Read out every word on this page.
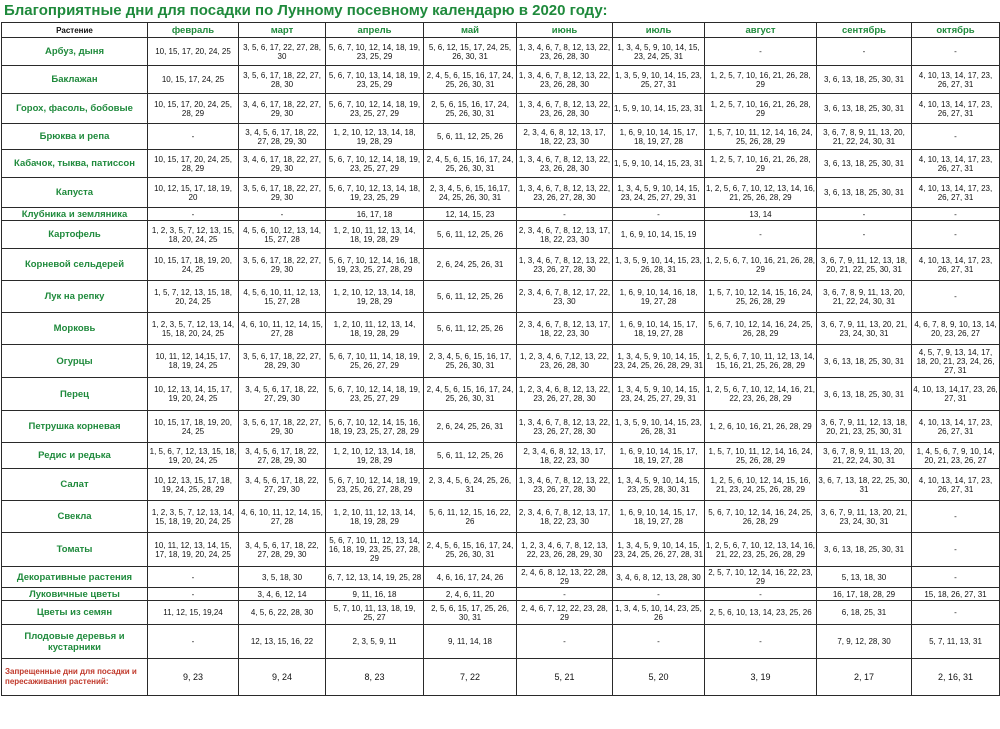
Благоприятные дни для посадки по Лунному посевному календарю в 2020 году:
Растение	февраль	март	апрель	май	июнь	июль	август	сентябрь	октябрь
Арбуз, дыня	10, 15, 17, 20, 24, 25	3, 5, 6, 17, 22, 27, 28, 30	5, 6, 7, 10, 12, 14, 18, 19, 23, 25, 29	5, 6, 12, 15, 17, 24, 25, 26, 30, 31	1, 3, 4, 6, 7, 8, 12, 13, 22, 23, 26, 28, 30	1, 3, 4, 5, 9, 10, 14, 15, 23, 24, 25, 31	-	-	-
Баклажан	10, 15, 17, 24, 25	3, 5, 6, 17, 18, 22, 27, 28, 30	5, 6, 7, 10, 13, 14, 18, 19, 23, 25, 29	2, 4, 5, 6, 15, 16, 17, 24, 25, 26, 30, 31	1, 3, 4, 6, 7, 8, 12, 13, 22, 23, 26, 28, 30	1, 3, 5, 9, 10, 14, 15, 23, 25, 27, 31	1, 2, 5, 7, 10, 16, 21, 26, 28, 29	3, 6, 13, 18, 25, 30, 31	4, 10, 13, 14, 17, 23, 26, 27, 31
Горох, фасоль, бобовые	10, 15, 17, 20, 24, 25, 28, 29	3, 4, 6, 17, 18, 22, 27, 29, 30	5, 6, 7, 10, 12, 14, 18, 19, 23, 25, 27, 29	2, 5, 6, 15, 16, 17, 24, 25, 26, 30, 31	1, 3, 4, 6, 7, 8, 12, 13, 22, 23, 26, 28, 30	1, 5, 9, 10, 14, 15, 23, 31	1, 2, 5, 7, 10, 16, 21, 26, 28, 29	3, 6, 13, 18, 25, 30, 31	4, 10, 13, 14, 17, 23, 26, 27, 31
Брюква и репа	-	3, 4, 5, 6, 17, 18, 22, 27, 28, 29, 30	1, 2, 10, 12, 13, 14, 18, 19, 28, 29	5, 6, 11, 12, 25, 26	2, 3, 4, 6, 8, 12, 13, 17, 18, 22, 23, 30	1, 6, 9, 10, 14, 15, 17, 18, 19, 27, 28	1, 5, 7, 10, 11, 12, 14, 16, 24, 25, 26, 28, 29	3, 6, 7, 8, 9, 11, 13, 20, 21, 22, 24, 30, 31	-
Кабачок, тыква, патиссон	10, 15, 17, 20, 24, 25, 28, 29	3, 4, 6, 17, 18, 22, 27, 29, 30	5, 6, 7, 10, 12, 14, 18, 19, 23, 25, 27, 29	2, 4, 5, 6, 15, 16, 17, 24, 25, 26, 30, 31	1, 3, 4, 6, 7, 8, 12, 13, 22, 23, 26, 28, 30	1, 5, 9, 10, 14, 15, 23, 31	1, 2, 5, 7, 10, 16, 21, 26, 28, 29	3, 6, 13, 18, 25, 30, 31	4, 10, 13, 14, 17, 23, 26, 27, 31
Капуста	10, 12, 15, 17, 18, 19, 20	3, 5, 6, 17, 18, 22, 27, 29, 30	5, 6, 7, 10, 12, 13, 14, 18, 19, 23, 25, 29	2, 3, 4, 5, 6, 15, 16,17, 24, 25, 26, 30, 31	1, 3, 4, 6, 7, 8, 12, 13, 22, 23, 26, 27, 28, 30	1, 3, 4, 5, 9, 10, 14, 15, 23, 24, 25, 27, 29, 31	1, 2, 5, 6, 7, 10, 12, 13, 14, 16, 21, 25, 26, 28, 29	3, 6, 13, 18, 25, 30, 31	4, 10, 13, 14, 17, 23, 26, 27, 31
Клубника и земляника	-	-	16, 17, 18	12, 14, 15, 23	-	-	13, 14	-	-
Картофель	1, 2, 3, 5, 7, 12, 13, 15, 18, 20, 24, 25	4, 5, 6, 10, 12, 13, 14, 15, 27, 28	1, 2, 10, 11, 12, 13, 14, 18, 19, 28, 29	5, 6, 11, 12, 25, 26	2, 3, 4, 6, 7, 8, 12, 13, 17, 18, 22, 23, 30	1, 6, 9, 10, 14, 15, 19	-	-	-
Корневой сельдерей	10, 15, 17, 18, 19, 20, 24, 25	3, 5, 6, 17, 18, 22, 27, 29, 30	5, 6, 7, 10, 12, 14, 16, 18, 19, 23, 25, 27, 28, 29	2, 6, 24, 25, 26, 31	1, 3, 4, 6, 7, 8, 12, 13, 22, 23, 26, 27, 28, 30	1, 3, 5, 9, 10, 14, 15, 23, 26, 28, 31	1, 2, 5, 6, 7, 10, 16, 21, 26, 28, 29	3, 6, 7, 9, 11, 12, 13, 18, 20, 21, 22, 25, 30, 31	4, 10, 13, 14, 17, 23, 26, 27, 31
Лук на репку	1, 5, 7, 12, 13, 15, 18, 20, 24, 25	4, 5, 6, 10, 11, 12, 13, 15, 27, 28	1, 2, 10, 12, 13, 14, 18, 19, 28, 29	5, 6, 11, 12, 25, 26	2, 3, 4, 6, 7, 8, 12, 17, 22, 23, 30	1, 6, 9, 10, 14, 16, 18, 19, 27, 28	1, 5, 7, 10, 12, 14, 15, 16, 24, 25, 26, 28, 29	3, 6, 7, 8, 9, 11, 13, 20, 21, 22, 24, 30, 31	-
Морковь	1, 2, 3, 5, 7, 12, 13, 14, 15, 18, 20, 24, 25	4, 6, 10, 11, 12, 14, 15, 27, 28	1, 2, 10, 11, 12, 13, 14, 18, 19, 28, 29	5, 6, 11, 12, 25, 26	2, 3, 4, 6, 7, 8, 12, 13, 17, 18, 22, 23, 30	1, 6, 9, 10, 14, 15, 17, 18, 19, 27, 28	5, 6, 7, 10, 12, 14, 16, 24, 25, 26, 28, 29	3, 6, 7, 9, 11, 13, 20, 21, 23, 24, 30, 31	4, 6, 7, 8, 9, 10, 13, 14, 20, 23, 26, 27
Огурцы	10, 11, 12, 14,15, 17, 18, 19, 24, 25	3, 5, 6, 17, 18, 22, 27, 28, 29, 30	5, 6, 7, 10, 11, 14, 18, 19, 25, 26, 27, 29	2, 3, 4, 5, 6, 15, 16, 17, 25, 26, 30, 31	1, 2, 3, 4, 6, 7,12, 13, 22, 23, 26, 28, 30	1, 3, 4, 5, 9, 10, 14, 15, 23, 24, 25, 26, 28, 29, 31	1, 2, 5, 6, 7, 10, 11, 12, 13, 14, 15, 16, 21, 25, 26, 28, 29	3, 6, 13, 18, 25, 30, 31	4, 5, 7, 9, 13, 14, 17, 18, 20, 21, 23, 24, 26, 27, 31
Перец	10, 12, 13, 14, 15, 17, 19, 20, 24, 25	3, 4, 5, 6, 17, 18, 22, 27, 29, 30	5, 6, 7, 10, 12, 14, 18, 19, 23, 25, 27, 29	2, 4, 5, 6, 15, 16, 17, 24, 25, 26, 30, 31	1, 2, 3, 4, 6, 8, 12, 13, 22, 23, 26, 27, 28, 30	1, 3, 4, 5, 9, 10, 14, 15, 23, 24, 25, 27, 29, 31	1, 2, 5, 6, 7, 10, 12, 14, 16, 21, 22, 23, 26, 28, 29	3, 6, 13, 18, 25, 30, 31	4, 10, 13, 14,17, 23, 26, 27, 31
Петрушка корневая	10, 15, 17, 18, 19, 20, 24, 25	3, 5, 6, 17, 18, 22, 27, 29, 30	5, 6, 7, 10, 12, 14, 15, 16, 18, 19, 23, 25, 27, 28, 29	2, 6, 24, 25, 26, 31	1, 3, 4, 6, 7, 8, 12, 13, 22, 23, 26, 27, 28, 30	1, 3, 5, 9, 10, 14, 15, 23, 26, 28, 31	1, 2, 6, 10, 16, 21, 26, 28, 29	3, 6, 7, 9, 11, 12, 13, 18, 20, 21, 23, 25, 30, 31	4, 10, 13, 14, 17, 23, 26, 27, 31
Редис и редька	1, 5, 6, 7, 12, 13, 15, 18, 19, 20, 24, 25	3, 4, 5, 6, 17, 18, 22, 27, 28, 29, 30	1, 2, 10, 12, 13, 14, 18, 19, 28, 29	5, 6, 11, 12, 25, 26	2, 3, 4, 6, 8, 12, 13, 17, 18, 22, 23, 30	1, 6, 9, 10, 14, 15, 17, 18, 19, 27, 28	1, 5, 7, 10, 11, 12, 14, 16, 24, 25, 26, 28, 29	3, 6, 7, 8, 9, 11, 13, 20, 21, 22, 24, 30, 31	1, 4, 5, 6, 7, 9, 10, 14, 20, 21, 23, 26, 27
Салат	10, 12, 13, 15, 17, 18, 19, 24, 25, 28, 29	3, 4, 5, 6, 17, 18, 22, 27, 29, 30	5, 6, 7, 10, 12, 14, 18, 19, 23, 25, 26, 27, 28, 29	2, 3, 4, 5, 6, 24, 25, 26, 31	1, 3, 4, 6, 7, 8, 12, 13, 22, 23, 26, 27, 28, 30	1, 3, 4, 5, 9, 10, 14, 15, 23, 25, 28, 30, 31	1, 2, 5, 6, 10, 12, 14, 15, 16, 21, 23, 24, 25, 26, 28, 29	3, 6, 7, 13, 18, 22, 25, 30, 31	4, 10, 13, 14, 17, 23, 26, 27, 31
Свекла	1, 2, 3, 5, 7, 12, 13, 14, 15, 18, 19, 20, 24, 25	4, 6, 10, 11, 12, 14, 15, 27, 28	1, 2, 10, 11, 12, 13, 14, 18, 19, 28, 29	5, 6, 11, 12, 15, 16, 22, 26	2, 3, 4, 6, 7, 8, 12, 13, 17, 18, 22, 23, 30	1, 6, 9, 10, 14, 15, 17, 18, 19, 27, 28	5, 6, 7, 10, 12, 14, 16, 24, 25, 26, 28, 29	3, 6, 7, 9, 11, 13, 20, 21, 23, 24, 30, 31	-
Томаты	10, 11, 12, 13, 14, 15, 17, 18, 19, 20, 24, 25	3, 4, 5, 6, 17, 18, 22, 27, 28, 29, 30	5, 6, 7, 10, 11, 12, 13, 14, 16, 18, 19, 23, 25, 27, 28, 29	2, 4, 5, 6, 15, 16, 17, 24, 25, 26, 30, 31	1, 2, 3, 4, 6, 7, 8, 12, 13, 22, 23, 26, 28, 29, 30	1, 3, 4, 5, 9, 10, 14, 15, 23, 24, 25, 26, 27, 28, 31	1, 2, 5, 6, 7, 10, 12, 13, 14, 16, 21, 22, 23, 25, 26, 28, 29	3, 6, 13, 18, 25, 30, 31	-
Декоративные растения	-	3, 5, 18, 30	6, 7, 12, 13, 14, 19, 25, 28	4, 6, 16, 17, 24, 26	2, 4, 6, 8, 12, 13, 22, 28, 29	3, 4, 6, 8, 12, 13, 28, 30	2, 5, 7, 10, 12, 14, 16, 22, 23, 29	5, 13, 18, 30	-
Луковичные цветы	-	3, 4, 6, 12, 14	9, 11, 16, 18	2, 4, 6, 11, 20	-	-	-	16, 17, 18, 28, 29	15, 18, 26, 27, 31
Цветы из семян	11, 12, 15, 19,24	4, 5, 6, 22, 28, 30	5, 7, 10, 11, 13, 18, 19, 25, 27	2, 5, 6, 15, 17, 25, 26, 30, 31	2, 4, 6, 7, 12, 22, 23, 28, 29	1, 3, 4, 5, 10, 14, 23, 25, 26	2, 5, 6, 10, 13, 14, 23, 25, 26	6, 18, 25, 31	-
Плодовые деревья и кустарники	-	12, 13, 15, 16, 22	2, 3, 5, 9, 11	9, 11, 14, 18	-	-	-	7, 9, 12, 28, 30	5, 7, 11, 13, 31
Запрещенные дни для посадки и пересаживания растений:	9, 23	9, 24	8, 23	7, 22	5, 21	5, 20	3, 19	2, 17	2, 16, 31
